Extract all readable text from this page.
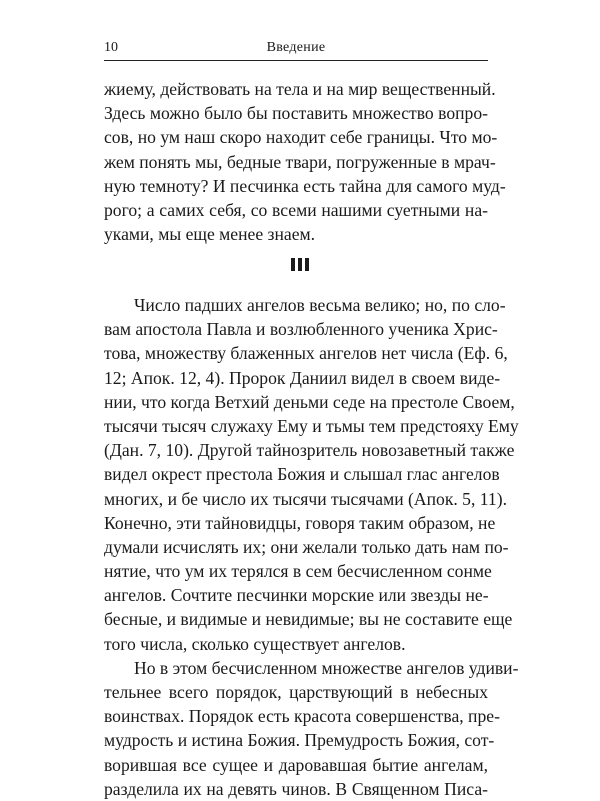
10	Введение
жиему, действовать на тела и на мир вещественный.
Здесь можно было бы поставить множество вопро-
сов, но ум наш скоро находит себе границы. Что мо-
жем понять мы, бедные твари, погруженные в мрач-
ную темноту? И песчинка есть тайна для самого муд-
рого; а самих себя, со всеми нашими суетными на-
уками, мы еще менее знаем.
Число падших ангелов весьма велико; но, по сло-
вам апостола Павла и возлюбленного ученика Хрис-
това, множеству блаженных ангелов нет числа (Еф. 6,
12; Апок. 12, 4). Пророк Даниил видел в своем виде-
нии, что когда Ветхий деньми седе на престоле Своем,
тысячи тысяч служаху Ему и тьмы тем предстояху Ему
(Дан. 7, 10). Другой тайнозритель новозаветный также
видел окрест престола Божия и слышал глас ангелов
многих, и бе число их тысячи тысячами (Апок. 5, 11).
Конечно, эти тайновидцы, говоря таким образом, не
думали исчислять их; они желали только дать нам по-
нятие, что ум их терялся в сем бесчисленном сонме
ангелов. Сочтите песчинки морские или звезды не-
бесные, и видимые и невидимые; вы не составите еще
того числа, сколько существует ангелов.
Но в этом бесчисленном множестве ангелов удиви-
тельнее всего порядок, царствующий в небесных
воинствах. Порядок есть красота совершенства, пре-
мудрость и истина Божия. Премудрость Божия, сот-
ворившая все сущее и даровавшая бытие ангелам,
разделила их на девять чинов. В Священном Писа-
